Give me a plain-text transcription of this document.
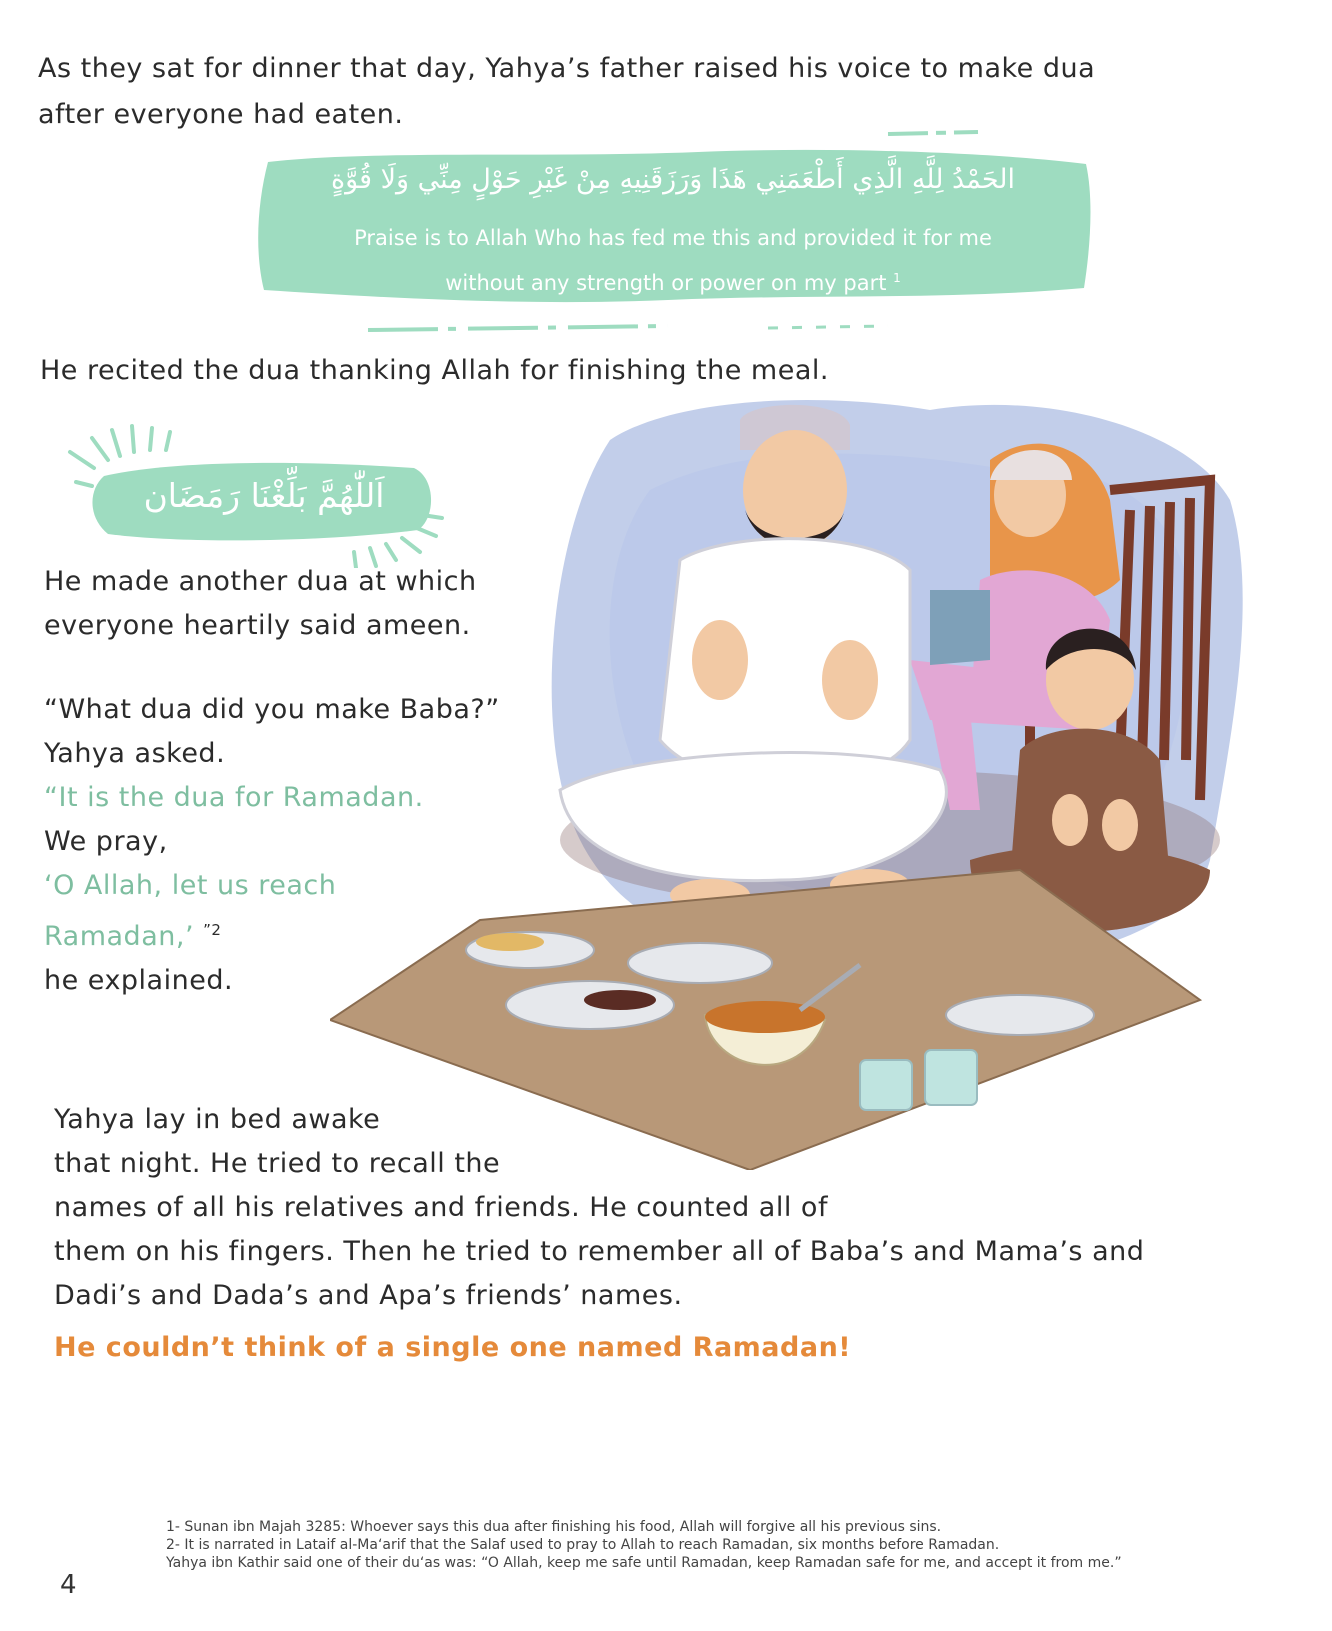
As they sat for dinner that day, Yahya’s father raised his voice to make dua
after everyone had eaten.
الحَمْدُ لِلَّهِ الَّذِي أَطْعَمَنِي هَذَا وَرَزَقَنِيهِ مِنْ غَيْرِ حَوْلٍ مِنِّي وَلَا قُوَّةٍ
Praise is to Allah Who has fed me this and provided it for me
without any strength or power on my part $^1$
He recited the dua thanking Allah for finishing the meal.
اَللّٰهُمَّ بَلِّغْنَا رَمَضَان
He made another dua at which
everyone heartily said ameen.
“What dua did you make Baba?”
Yahya asked.
“It is the dua for Ramadan.
We pray,
‘O Allah, let us reach
Ramadan,’ $^{”2}$
he explained.
Yahya lay in bed awake
that night. He tried to recall the
names of all his relatives and friends. He counted all of
them on his fingers. Then he tried to remember all of Baba’s and Mama’s and
Dadi’s and Dada’s and Apa’s friends’ names.
He couldn’t think of a single one named Ramadan!
1- Sunan ibn Majah 3285: Whoever says this dua after finishing his food, Allah will forgive all his previous sins.
2- It is narrated in Lataif al-Ma‘arif that the Salaf used to pray to Allah to reach Ramadan, six months before Ramadan.
Yahya ibn Kathir said one of their du‘as was: “O Allah, keep me safe until Ramadan, keep Ramadan safe for me, and accept it from me.”
4
